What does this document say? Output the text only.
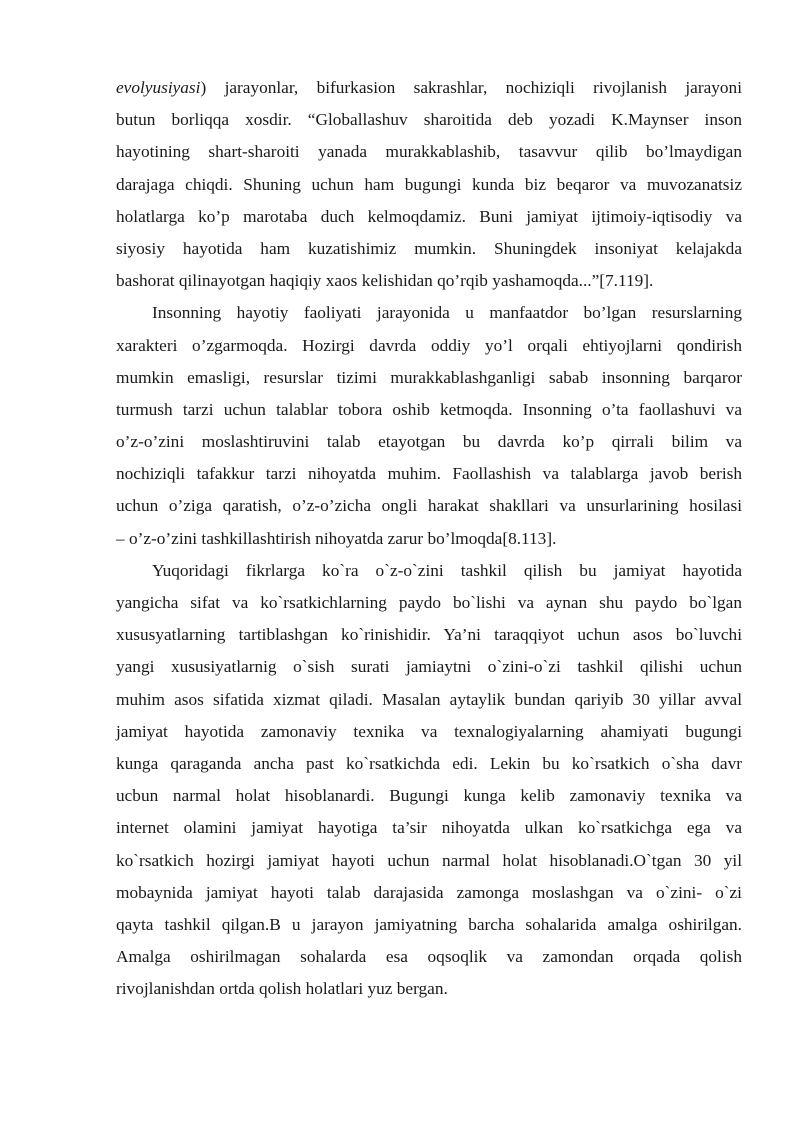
evolyusiyasi) jarayonlar, bifurkasion sakrashlar, nochiziqli rivojlanish jarayoni
butun borliqqa xosdir. “Globallashuv sharoitida deb yozadi K.Maynser inson
hayotining shart-sharoiti yanada murakkablashib, tasavvur qilib bo’lmaydigan
darajaga chiqdi. Shuning uchun ham bugungi kunda biz beqaror va muvozanatsiz
holatlarga ko’p marotaba duch kelmoqdamiz. Buni jamiyat ijtimoiy-iqtisodiy va
siyosiy hayotida ham kuzatishimiz mumkin. Shuningdek insoniyat kelajakda
bashorat qilinayotgan haqiqiy xaos kelishidan qo’rqib yashamoqda...”[7.119].
Insonning hayotiy faoliyati jarayonida u manfaatdor bo’lgan resurslarning
xarakteri o’zgarmoqda. Hozirgi davrda oddiy yo’l orqali ehtiyojlarni qondirish
mumkin emasligi, resurslar tizimi murakkablashganligi sabab insonning barqaror
turmush tarzi uchun talablar tobora oshib ketmoqda. Insonning o’ta faollashuvi va
o’z-o’zini moslashtiruvini talab etayotgan bu davrda ko’p qirrali bilim va
nochiziqli tafakkur tarzi nihoyatda muhim. Faollashish va talablarga javob berish
uchun o’ziga qaratish, o’z-o’zicha ongli harakat shakllari va unsurlarining hosilasi
– o’z-o’zini tashkillashtirish nihoyatda zarur bo’lmoqda[8.113].
Yuqoridagi fikrlarga ko`ra o`z-o`zini tashkil qilish bu jamiyat hayotida
yangicha sifat va ko`rsatkichlarning paydo bo`lishi va aynan shu paydo bo`lgan
xususyatlarning tartiblashgan ko`rinishidir. Ya’ni taraqqiyot uchun asos bo`luvchi
yangi xususiyatlarnig o`sish surati jamiaytni o`zini-o`zi tashkil qilishi uchun
muhim asos sifatida xizmat qiladi. Masalan aytaylik bundan qariyib 30 yillar avval
jamiyat hayotida zamonaviy texnika va texnalogiyalarning ahamiyati bugungi
kunga qaraganda ancha past ko`rsatkichda edi. Lekin bu ko`rsatkich o`sha davr
ucbun narmal holat hisoblanardi. Bugungi kunga kelib zamonaviy texnika va
internet olamini jamiyat hayotiga ta’sir nihoyatda ulkan ko`rsatkichga ega va
ko`rsatkich hozirgi jamiyat hayoti uchun narmal holat hisoblanadi.O`tgan 30 yil
mobaynida jamiyat hayoti talab darajasida zamonga moslashgan va o`zini- o`zi
qayta tashkil qilgan.B u jarayon jamiyatning barcha sohalarida amalga oshirilgan.
Amalga oshirilmagan sohalarda esa oqsoqlik va zamondan orqada qolish
rivojlanishdan ortda qolish holatlari yuz bergan.
